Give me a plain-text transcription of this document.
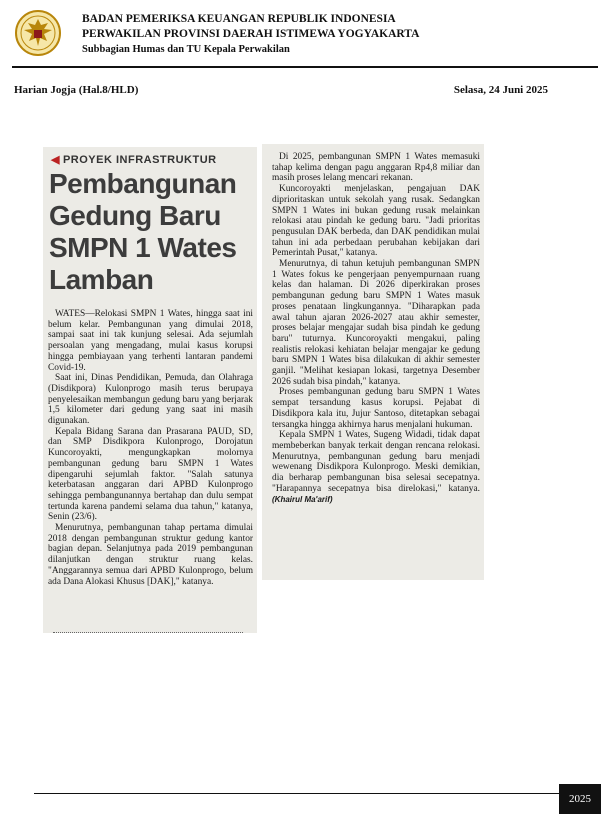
BADAN PEMERIKSA KEUANGAN REPUBLIK INDONESIA
PERWAKILAN PROVINSI DAERAH ISTIMEWA YOGYAKARTA
Subbagian Humas dan TU Kepala Perwakilan
Harian Jogja (Hal.8/HLD)	Selasa, 24 Juni 2025
◀ PROYEK INFRASTRUKTUR
Pembangunan Gedung Baru SMPN 1 Wates Lamban

WATES—Relokasi SMPN 1 Wates, hingga saat ini belum kelar. Pembangunan yang dimulai 2018, sampai saat ini tak kunjung selesai. Ada sejumlah persoalan yang mengadang, mulai kasus korupsi hingga pembiayaan yang terhenti lantaran pandemi Covid-19.

Saat ini, Dinas Pendidikan, Pemuda, dan Olahraga (Disdikpora) Kulonprogo masih terus berupaya penyelesaikan membangun gedung baru yang berjarak 1,5 kilometer dari gedung yang saat ini masih digunakan.

Kepala Bidang Sarana dan Prasarana PAUD, SD, dan SMP Disdikpora Kulonprogo, Dorojatun Kuncoroyakti, mengungkapkan molornya pembangunan gedung baru SMPN 1 Wates dipengaruhi sejumlah faktor. "Salah satunya keterbatasan anggaran dari APBD Kulonprogo sehingga pembangunannya bertahap dan dulu sempat tertunda karena pandemi selama dua tahun," katanya, Senin (23/6).

Menurutnya, pembangunan tahap pertama dimulai 2018 dengan pembangunan struktur gedung kantor bagian depan. Selanjutnya pada 2019 pembangunan dilanjutkan dengan struktur ruang kelas. "Anggarannya semua dari APBD Kulonprogo, belum ada Dana Alokasi Khusus [DAK]," katanya.

Di 2025, pembangunan SMPN 1 Wates memasuki tahap kelima dengan pagu anggaran Rp4,8 miliar dan masih proses lelang mencari rekanan.

Kuncoroyakti menjelaskan, pengajuan DAK diprioritaskan untuk sekolah yang rusak. Sedangkan SMPN 1 Wates ini bukan gedung rusak melainkan relokasi atau pindah ke gedung baru. "Jadi prioritas pengusulan DAK berbeda, dan DAK pendidikan mulai tahun ini ada perbedaan perubahan kebijakan dari Pemerintah Pusat," katanya.

Menurutnya, di tahun ketujuh pembangunan SMPN 1 Wates fokus ke pengerjaan penyempurnaan ruang kelas dan halaman. Di 2026 diperkirakan proses pembangunan gedung baru SMPN 1 Wates masuk proses penataan lingkungannya. "Diharapkan pada awal tahun ajaran 2026-2027 atau akhir semester, proses belajar mengajar sudah bisa pindah ke gedung baru" tuturnya. Kuncoroyakti mengakui, paling realistis relokasi kehiatan belajar mengajar ke gedung baru SMPN 1 Wates bisa dilakukan di akhir semester ganjil. "Melihat kesiapan lokasi, targetnya Desember 2026 sudah bisa pindah," katanya.

Proses pembangunan gedung baru SMPN 1 Wates sempat tersandung kasus korupsi. Pejabat di Disdikpora kala itu, Jujur Santoso, ditetapkan sebagai tersangka hingga akhirnya harus menjalani hukuman.

Kepala SMPN 1 Wates, Sugeng Widadi, tidak dapat membeberkan banyak terkait dengan rencana relokasi. Menurutnya, pembangunan gedung baru menjadi wewenang Disdikpora Kulonprogo. Meski demikian, dia berharap pembangunan bisa selesai secepatnya. "Harapannya secepatnya bisa direlokasi," katanya. (Khairul Ma'arif)

2025
